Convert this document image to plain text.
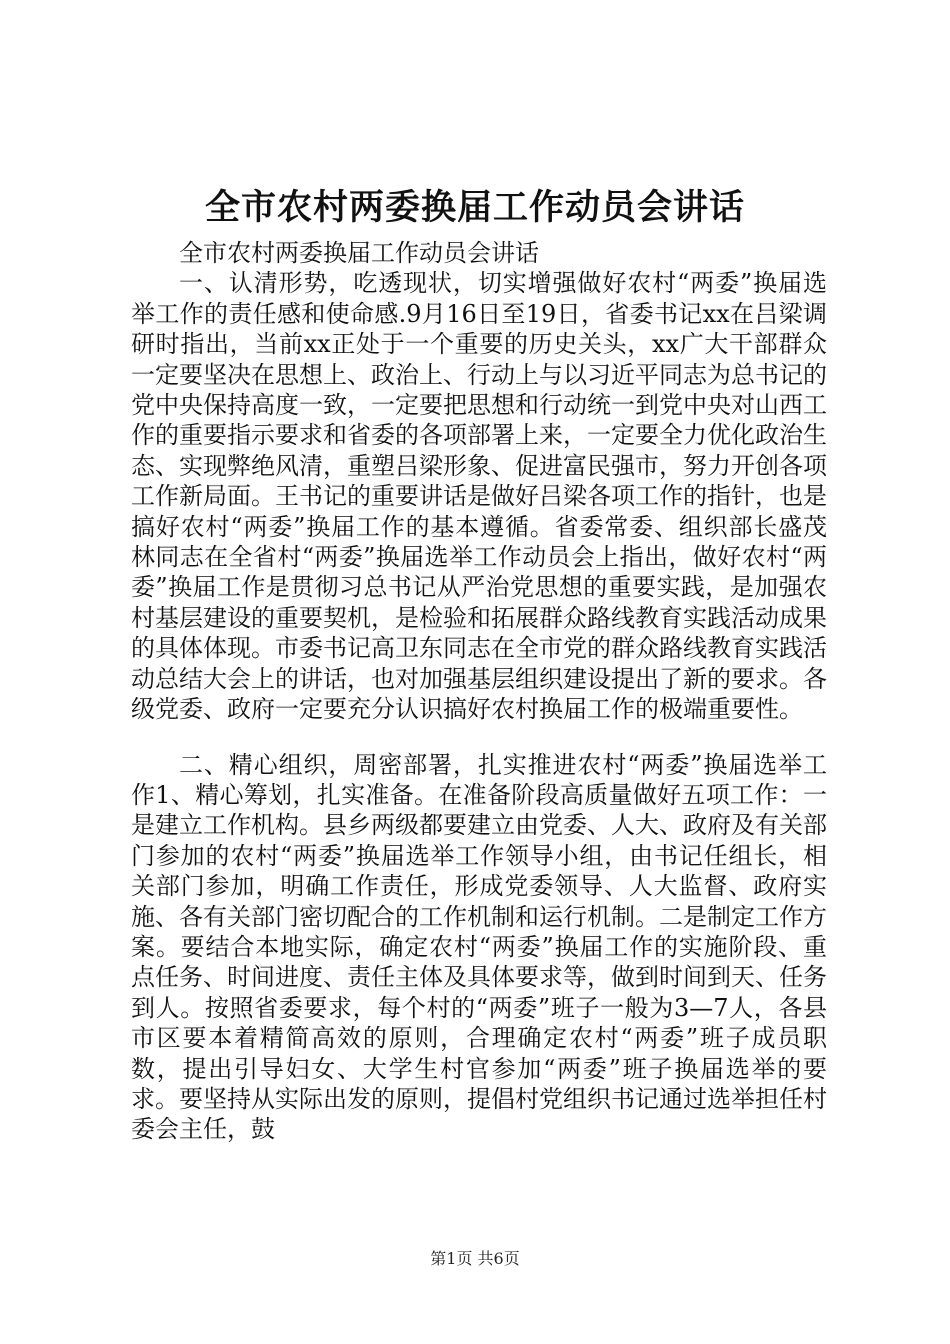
全市农村两委换届工作动员会讲话

全市农村两委换届工作动员会讲话

一、认清形势，吃透现状，切实增强做好农村“两委”换届选举工作的责任感和使命感.9月16日至19日，省委书记xx在吕梁调研时指出，当前xx正处于一个重要的历史关头，xx广大干部群众一定要坚决在思想上、政治上、行动上与以习近平同志为总书记的党中央保持高度一致，一定要把思想和行动统一到党中央对山西工作的重要指示要求和省委的各项部署上来，一定要全力优化政治生态、实现弊绝风清，重塑吕梁形象、促进富民强市，努力开创各项工作新局面。王书记的重要讲话是做好吕梁各项工作的指针，也是搞好农村“两委”换届工作的基本遵循。省委常委、组织部长盛茂林同志在全省村“两委”换届选举工作动员会上指出，做好农村“两委”换届工作是贯彻习总书记从严治党思想的重要实践，是加强农村基层建设的重要契机，是检验和拓展群众路线教育实践活动成果的具体体现。市委书记高卫东同志在全市党的群众路线教育实践活动总结大会上的讲话，也对加强基层组织建设提出了新的要求。各级党委、政府一定要充分认识搞好农村换届工作的极端重要性。

二、精心组织，周密部署，扎实推进农村“两委”换届选举工作1、精心筹划，扎实准备。在准备阶段高质量做好五项工作：一是建立工作机构。县乡两级都要建立由党委、人大、政府及有关部门参加的农村“两委”换届选举工作领导小组，由书记任组长，相关部门参加，明确工作责任，形成党委领导、人大监督、政府实施、各有关部门密切配合的工作机制和运行机制。二是制定工作方案。要结合本地实际，确定农村“两委”换届工作的实施阶段、重点任务、时间进度、责任主体及具体要求等，做到时间到天、任务到人。按照省委要求，每个村的“两委”班子一般为3—7人，各县市区要本着精简高效的原则，合理确定农村“两委”班子成员职数，提出引导妇女、大学生村官参加“两委”班子换届选举的要求。要坚持从实际出发的原则，提倡村党组织书记通过选举担任村委会主任，鼓

第1页 共6页
